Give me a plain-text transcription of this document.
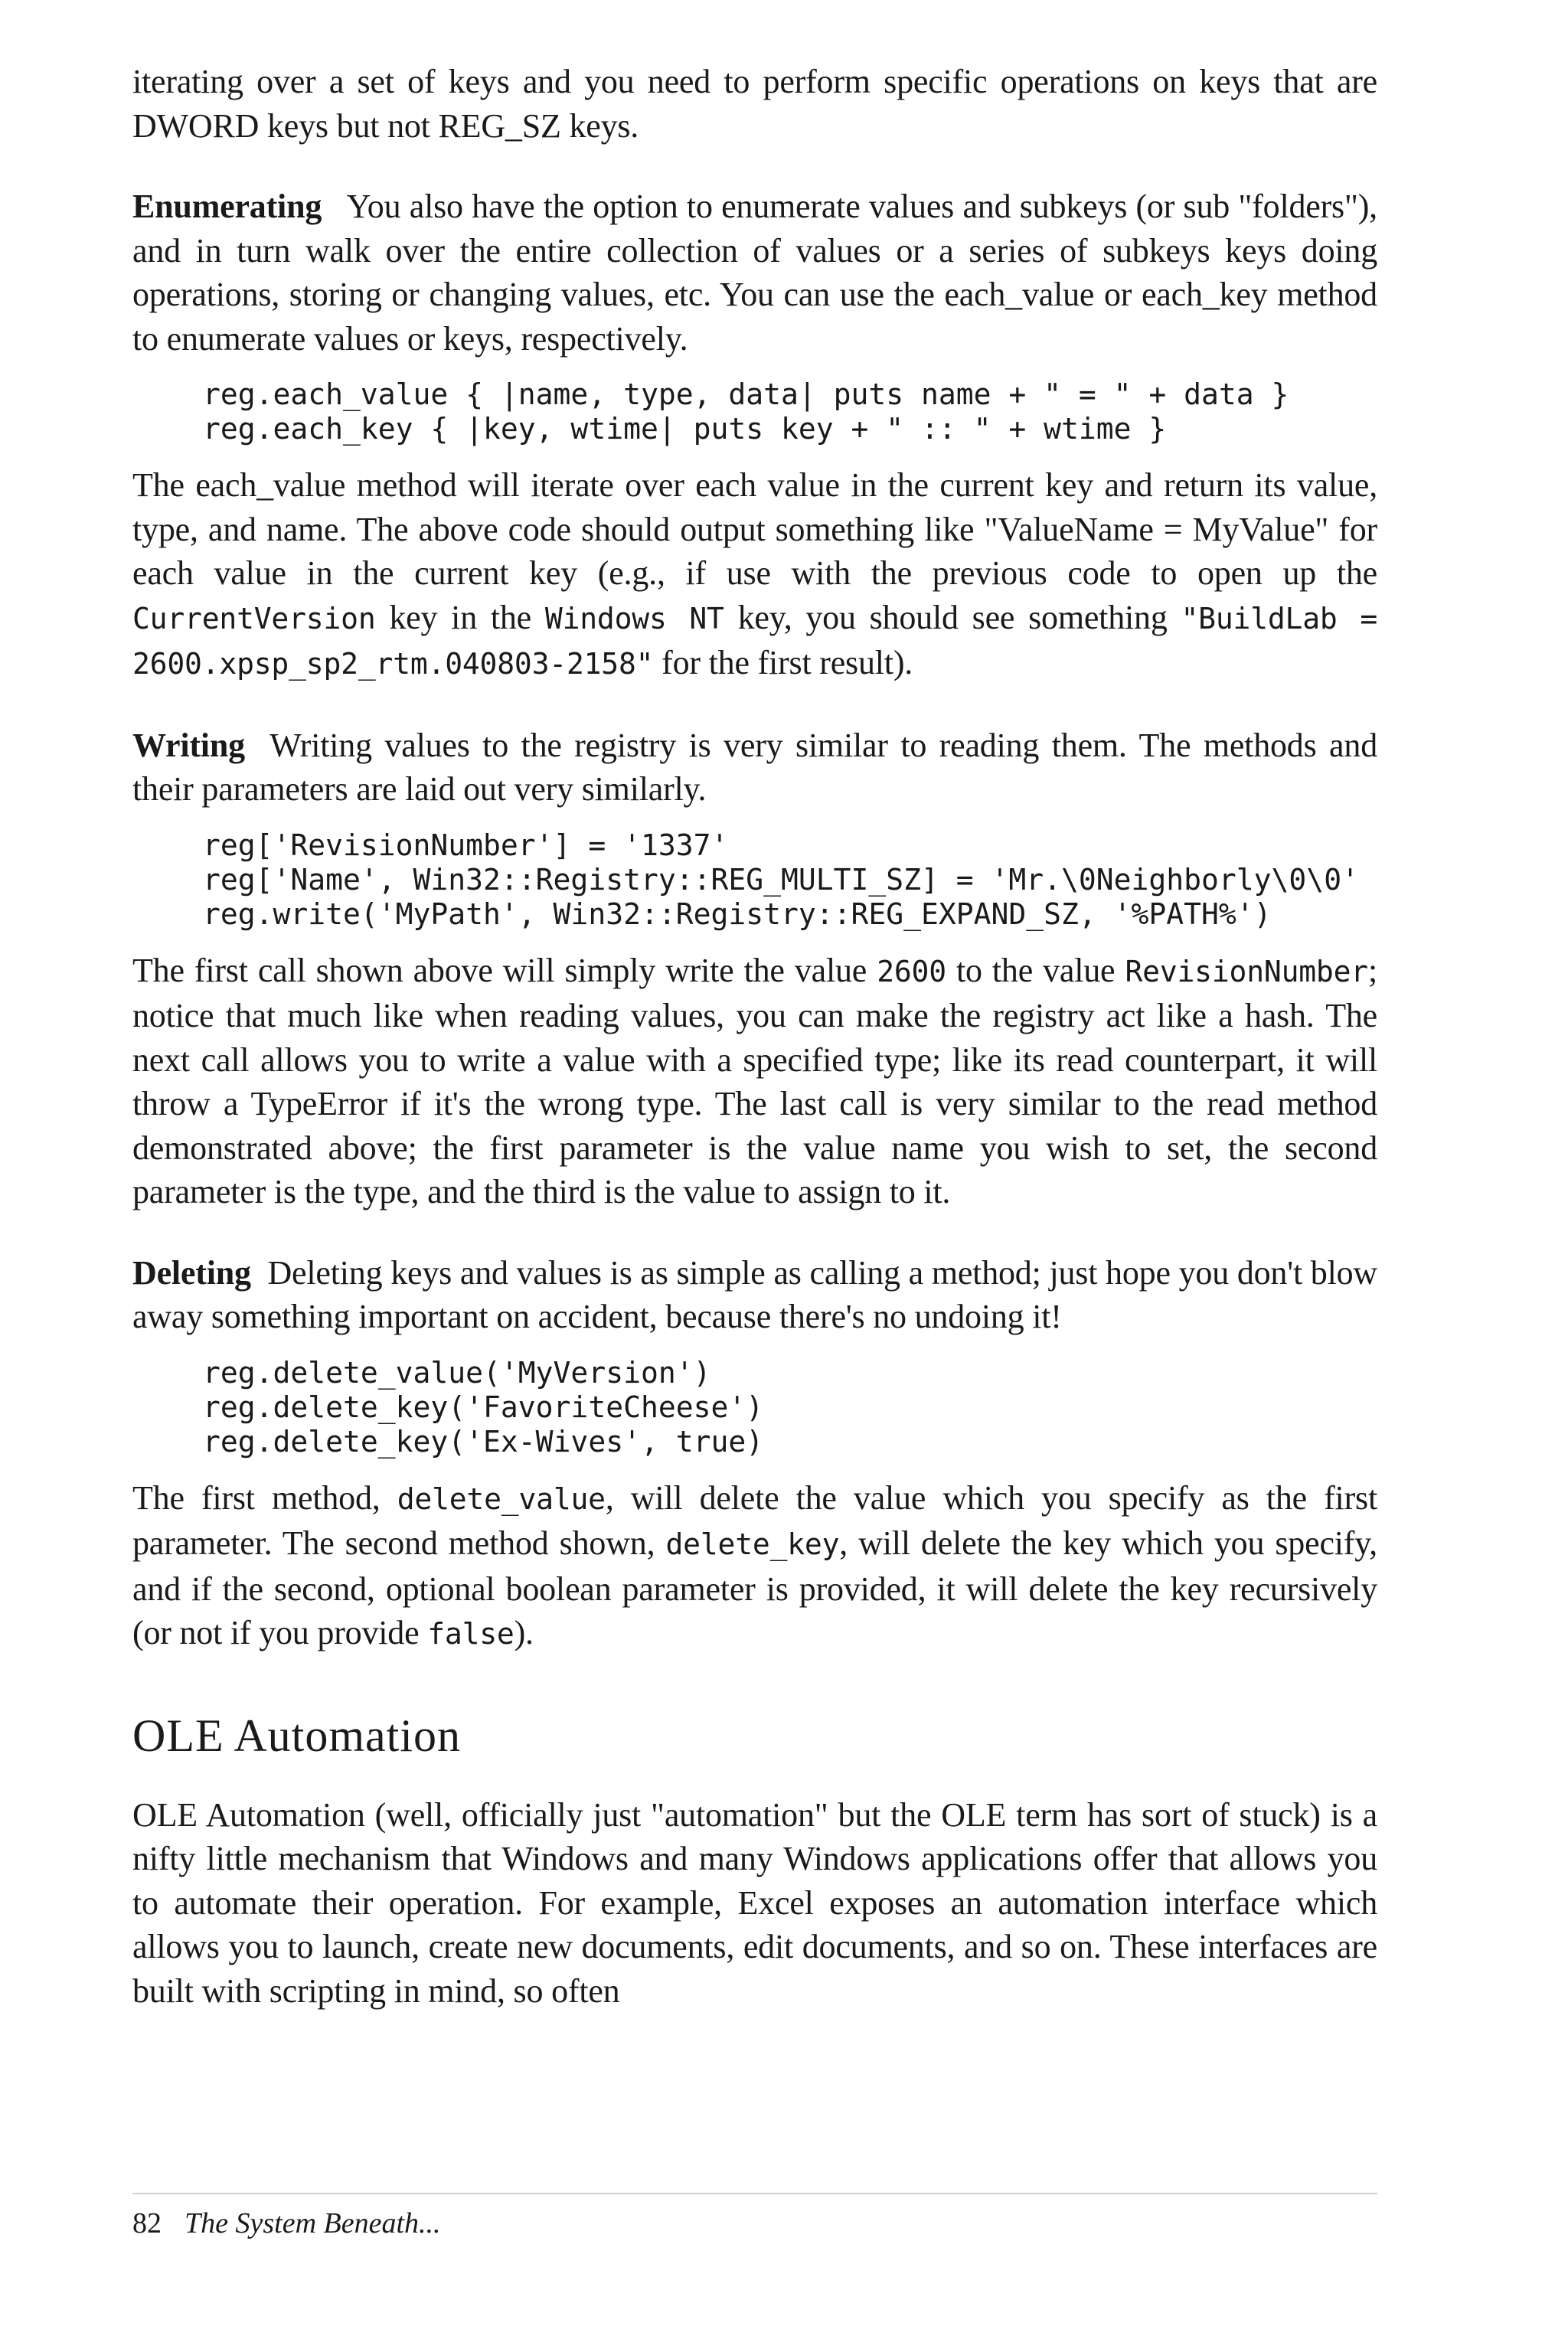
iterating over a set of keys and you need to perform specific operations on keys that are DWORD keys but not REG_SZ keys.

Enumerating You also have the option to enumerate values and subkeys (or sub "folders"), and in turn walk over the entire collection of values or a series of subkeys keys doing operations, storing or changing values, etc. You can use the each_value or each_key method to enumerate values or keys, respectively.

reg.each_value { |name, type, data| puts name + " = " + data }
reg.each_key { |key, wtime| puts key + " :: " + wtime }

The each_value method will iterate over each value in the current key and return its value, type, and name. The above code should output something like "ValueName = MyValue" for each value in the current key (e.g., if use with the previous code to open up the CurrentVersion key in the Windows NT key, you should see something "BuildLab = 2600.xpsp_sp2_rtm.040803-2158" for the first result).

Writing Writing values to the registry is very similar to reading them. The methods and their parameters are laid out very similarly.

reg['RevisionNumber'] = '1337'
reg['Name', Win32::Registry::REG_MULTI_SZ] = 'Mr.\0Neighborly\0\0'
reg.write('MyPath', Win32::Registry::REG_EXPAND_SZ, '%PATH%')

The first call shown above will simply write the value 2600 to the value RevisionNumber; notice that much like when reading values, you can make the registry act like a hash. The next call allows you to write a value with a specified type; like its read counterpart, it will throw a TypeError if it's the wrong type. The last call is very similar to the read method demonstrated above; the first parameter is the value name you wish to set, the second parameter is the type, and the third is the value to assign to it.

Deleting Deleting keys and values is as simple as calling a method; just hope you don't blow away something important on accident, because there's no undoing it!

reg.delete_value('MyVersion')
reg.delete_key('FavoriteCheese')
reg.delete_key('Ex-Wives', true)

The first method, delete_value, will delete the value which you specify as the first parameter. The second method shown, delete_key, will delete the key which you specify, and if the second, optional boolean parameter is provided, it will delete the key recursively (or not if you provide false).

OLE Automation

OLE Automation (well, officially just "automation" but the OLE term has sort of stuck) is a nifty little mechanism that Windows and many Windows applications offer that allows you to automate their operation. For example, Excel exposes an automation interface which allows you to launch, create new documents, edit documents, and so on. These interfaces are built with scripting in mind, so often

82 The System Beneath...
